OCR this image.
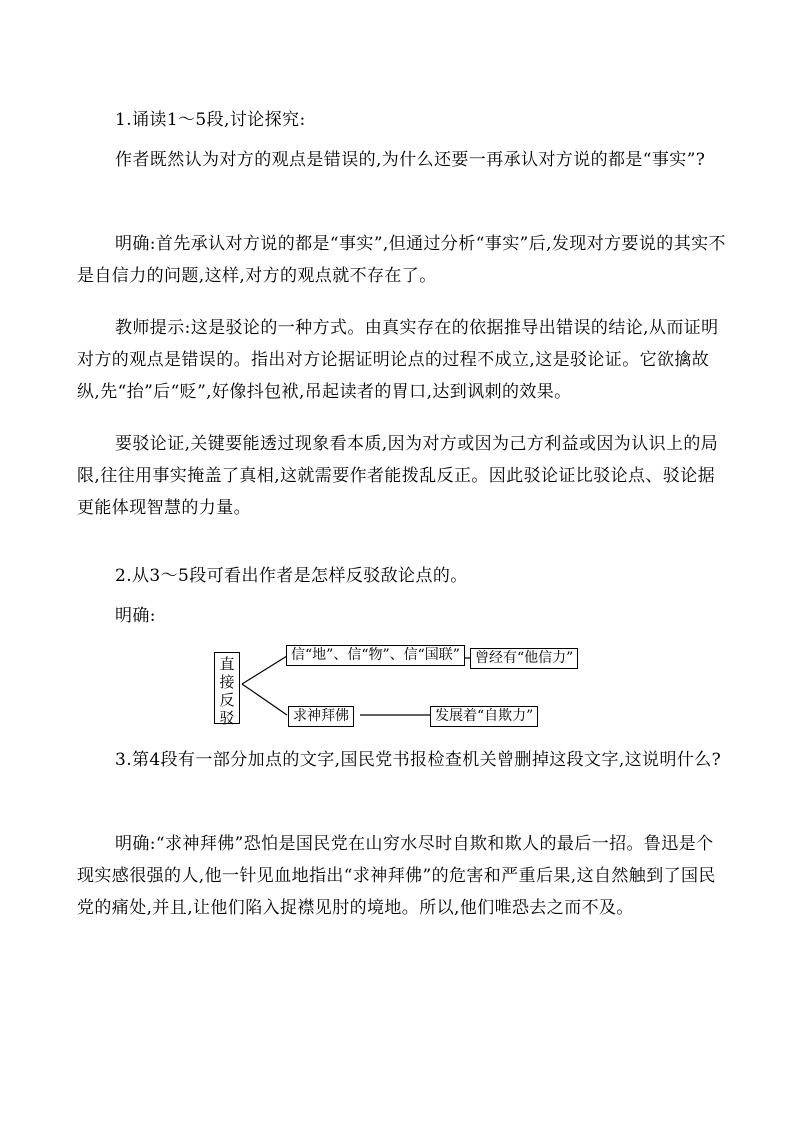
1.诵读1～5段,讨论探究:

作者既然认为对方的观点是错误的,为什么还要一再承认对方说的都是“事实”?

明确:首先承认对方说的都是“事实”,但通过分析“事实”后,发现对方要说的其实不是自信力的问题,这样,对方的观点就不存在了。

教师提示:这是驳论的一种方式。由真实存在的依据推导出错误的结论,从而证明对方的观点是错误的。指出对方论据证明论点的过程不成立,这是驳论证。它欲擒故纵,先“抬”后“贬”,好像抖包袱,吊起读者的胃口,达到讽刺的效果。

要驳论证,关键要能透过现象看本质,因为对方或因为己方利益或因为认识上的局限,往往用事实掩盖了真相,这就需要作者能拨乱反正。因此驳论证比驳论点、驳论据更能体现智慧的力量。

2.从3～5段可看出作者是怎样反驳敌论点的。

明确:

直
接
反
驳
信“地”、信“物”、信“国联”	曾经有“他信力”
求神拜佛	发展着“自欺力”

3.第4段有一部分加点的文字,国民党书报检查机关曾删掉这段文字,这说明什么?

明确:“求神拜佛”恐怕是国民党在山穷水尽时自欺和欺人的最后一招。鲁迅是个现实感很强的人,他一针见血地指出“求神拜佛”的危害和严重后果,这自然触到了国民党的痛处,并且,让他们陷入捉襟见肘的境地。所以,他们唯恐去之而不及。
